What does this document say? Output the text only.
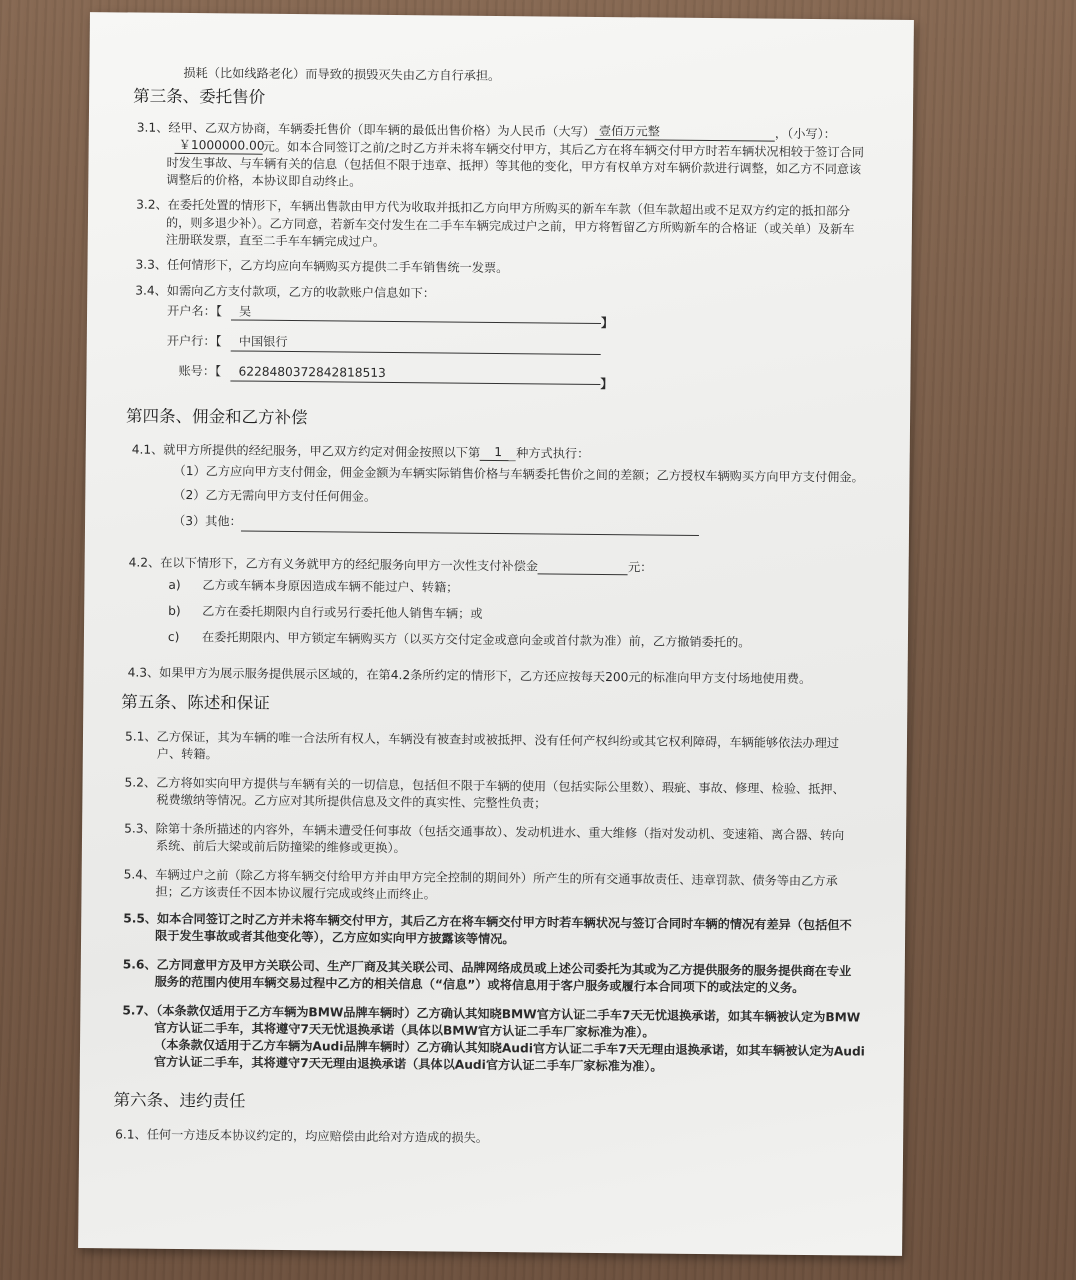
损耗（比如线路老化）而导致的损毁灭失由乙方自行承担。
第三条、委托售价
3.1、经甲、乙双方协商，车辆委托售价（即车辆的最低出售价格）为人民币（大写） 壹佰万元整	，（小写）：
￥1000000.00元。如本合同签订之前/之时乙方并未将车辆交付甲方，其后乙方在将车辆交付甲方时若车辆状况相较于签订合同
时发生事故、与车辆有关的信息（包括但不限于违章、抵押）等其他的变化，甲方有权单方对车辆价款进行调整，如乙方不同意该
调整后的价格，本协议即自动终止。
3.2、在委托处置的情形下，车辆出售款由甲方代为收取并抵扣乙方向甲方所购买的新车车款（但车款超出或不足双方约定的抵扣部分
的，则多退少补）。乙方同意，若新车交付发生在二手车车辆完成过户之前，甲方将暂留乙方所购新车的合格证（或关单）及新车
注册联发票，直至二手车车辆完成过户。
3.3、任何情形下，乙方均应向车辆购买方提供二手车销售统一发票。
3.4、如需向乙方支付款项，乙方的收款账户信息如下：
开户名：【 吴
】
开户行：【 中国银行
账号：【 6228480372842818513
】
第四条、佣金和乙方补偿
4.1、就甲方所提供的经纪服务，甲乙双方约定对佣金按照以下第 1 种方式执行：
（1）乙方应向甲方支付佣金，佣金金额为车辆实际销售价格与车辆委托售价之间的差额；乙方授权车辆购买方向甲方支付佣金。
（2）乙方无需向甲方支付任何佣金。
（3）其他：
4.2、在以下情形下，乙方有义务就甲方的经纪服务向甲方一次性支付补偿金	元：
a) 乙方或车辆本身原因造成车辆不能过户、转籍；
b) 乙方在委托期限内自行或另行委托他人销售车辆；或
c) 在委托期限内、甲方锁定车辆购买方（以买方交付定金或意向金或首付款为准）前，乙方撤销委托的。
4.3、如果甲方为展示服务提供展示区域的，在第4.2条所约定的情形下，乙方还应按每天200元的标准向甲方支付场地使用费。
第五条、陈述和保证
5.1、乙方保证，其为车辆的唯一合法所有权人，车辆没有被查封或被抵押、没有任何产权纠纷或其它权利障碍，车辆能够依法办理过
户、转籍。
5.2、乙方将如实向甲方提供与车辆有关的一切信息，包括但不限于车辆的使用（包括实际公里数）、瑕疵、事故、修理、检验、抵押、
税费缴纳等情况。乙方应对其所提供信息及文件的真实性、完整性负责；
5.3、除第十条所描述的内容外，车辆未遭受任何事故（包括交通事故）、发动机进水、重大维修（指对发动机、变速箱、离合器、转向
系统、前后大梁或前后防撞梁的维修或更换）。
5.4、车辆过户之前（除乙方将车辆交付给甲方并由甲方完全控制的期间外）所产生的所有交通事故责任、违章罚款、债务等由乙方承
担；乙方该责任不因本协议履行完成或终止而终止。
5.5、如本合同签订之时乙方并未将车辆交付甲方，其后乙方在将车辆交付甲方时若车辆状况与签订合同时车辆的情况有差异（包括但不
限于发生事故或者其他变化等），乙方应如实向甲方披露该等情况。
5.6、乙方同意甲方及甲方关联公司、生产厂商及其关联公司、品牌网络成员或上述公司委托为其或为乙方提供服务的服务提供商在专业
服务的范围内使用车辆交易过程中乙方的相关信息（“信息”）或将信息用于客户服务或履行本合同项下的或法定的义务。
5.7、（本条款仅适用于乙方车辆为BMW品牌车辆时）乙方确认其知晓BMW官方认证二手车7天无忧退换承诺，如其车辆被认定为BMW
官方认证二手车，其将遵守7天无忧退换承诺（具体以BMW官方认证二手车厂家标准为准）。
（本条款仅适用于乙方车辆为Audi品牌车辆时）乙方确认其知晓Audi官方认证二手车7天无理由退换承诺，如其车辆被认定为Audi
官方认证二手车，其将遵守7天无理由退换承诺（具体以Audi官方认证二手车厂家标准为准）。
第六条、违约责任
6.1、任何一方违反本协议约定的，均应赔偿由此给对方造成的损失。
